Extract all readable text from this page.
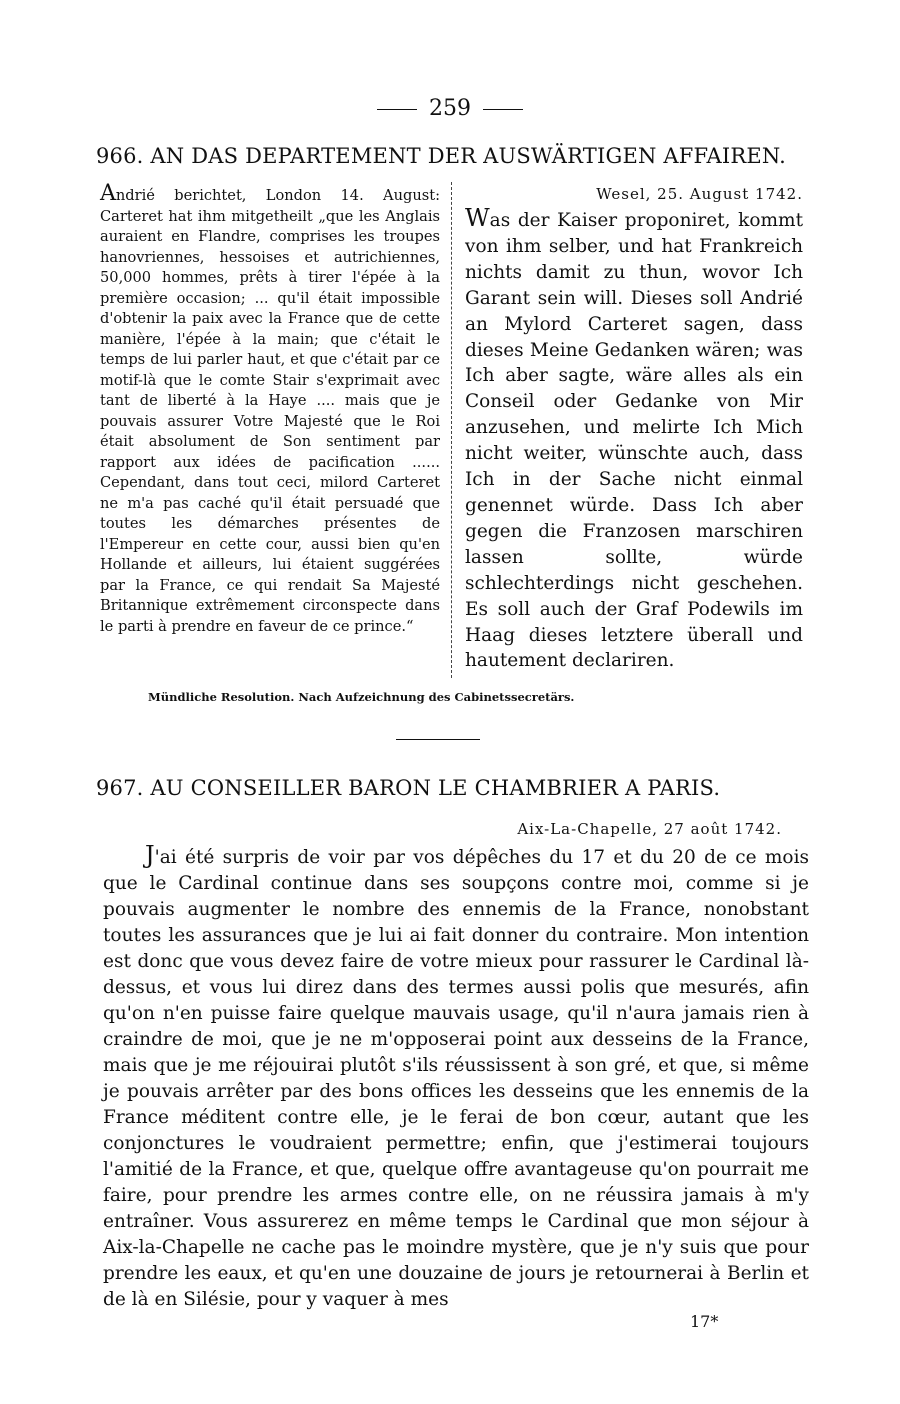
259
966. AN DAS DEPARTEMENT DER AUSWÄRTIGEN AFFAIREN.

Andrié berichtet, London 14. August: Carteret hat ihm mitgetheilt „que les Anglais auraient en Flandre, comprises les troupes hanovriennes, hessoises et autrichiennes, 50,000 hommes, prêts à tirer l'épée à la première occasion; ... qu'il était impossible d'obtenir la paix avec la France que de cette manière, l'épée à la main; que c'était le temps de lui parler haut, et que c'était par ce motif-là que le comte Stair s'exprimait avec tant de liberté à la Haye .... mais que je pouvais assurer Votre Majesté que le Roi était absolument de Son sentiment par rapport aux idées de pacification ...... Cependant, dans tout ceci, milord Carteret ne m'a pas caché qu'il était persuadé que toutes les démarches présentes de l'Empereur en cette cour, aussi bien qu'en Hollande et ailleurs, lui étaient suggérées par la France, ce qui rendait Sa Majesté Britannique extrêmement circonspecte dans le parti à prendre en faveur de ce prince.“

Wesel, 25. August 1742.

Was der Kaiser proponiret, kommt von ihm selber, und hat Frankreich nichts damit zu thun, wovor Ich Garant sein will. Dieses soll Andrié an Mylord Carteret sagen, dass dieses Meine Gedanken wären; was Ich aber sagte, wäre alles als ein Conseil oder Gedanke von Mir anzusehen, und melirte Ich Mich nicht weiter, wünschte auch, dass Ich in der Sache nicht einmal genennet würde. Dass Ich aber gegen die Franzosen marschiren lassen sollte, würde schlechterdings nicht geschehen. Es soll auch der Graf Podewils im Haag dieses letztere überall und hautement declariren.

Mündliche Resolution. Nach Aufzeichnung des Cabinetssecretärs.
967. AU CONSEILLER BARON LE CHAMBRIER A PARIS.
Aix-La-Chapelle, 27 août 1742.

J'ai été surpris de voir par vos dépêches du 17 et du 20 de ce mois que le Cardinal continue dans ses soupçons contre moi, comme si je pouvais augmenter le nombre des ennemis de la France, nonobstant toutes les assurances que je lui ai fait donner du contraire. Mon intention est donc que vous devez faire de votre mieux pour rassurer le Cardinal là-dessus, et vous lui direz dans des termes aussi polis que mesurés, afin qu'on n'en puisse faire quelque mauvais usage, qu'il n'aura jamais rien à craindre de moi, que je ne m'opposerai point aux desseins de la France, mais que je me réjouirai plutôt s'ils réussissent à son gré, et que, si même je pouvais arrêter par des bons offices les desseins que les ennemis de la France méditent contre elle, je le ferai de bon cœur, autant que les conjonctures le voudraient permettre; enfin, que j'estimerai toujours l'amitié de la France, et que, quelque offre avantageuse qu'on pourrait me faire, pour prendre les armes contre elle, on ne réussira jamais à m'y entraîner. Vous assurerez en même temps le Cardinal que mon séjour à Aix-la-Chapelle ne cache pas le moindre mystère, que je n'y suis que pour prendre les eaux, et qu'en une douzaine de jours je retournerai à Berlin et de là en Silésie, pour y vaquer à mes

17*
